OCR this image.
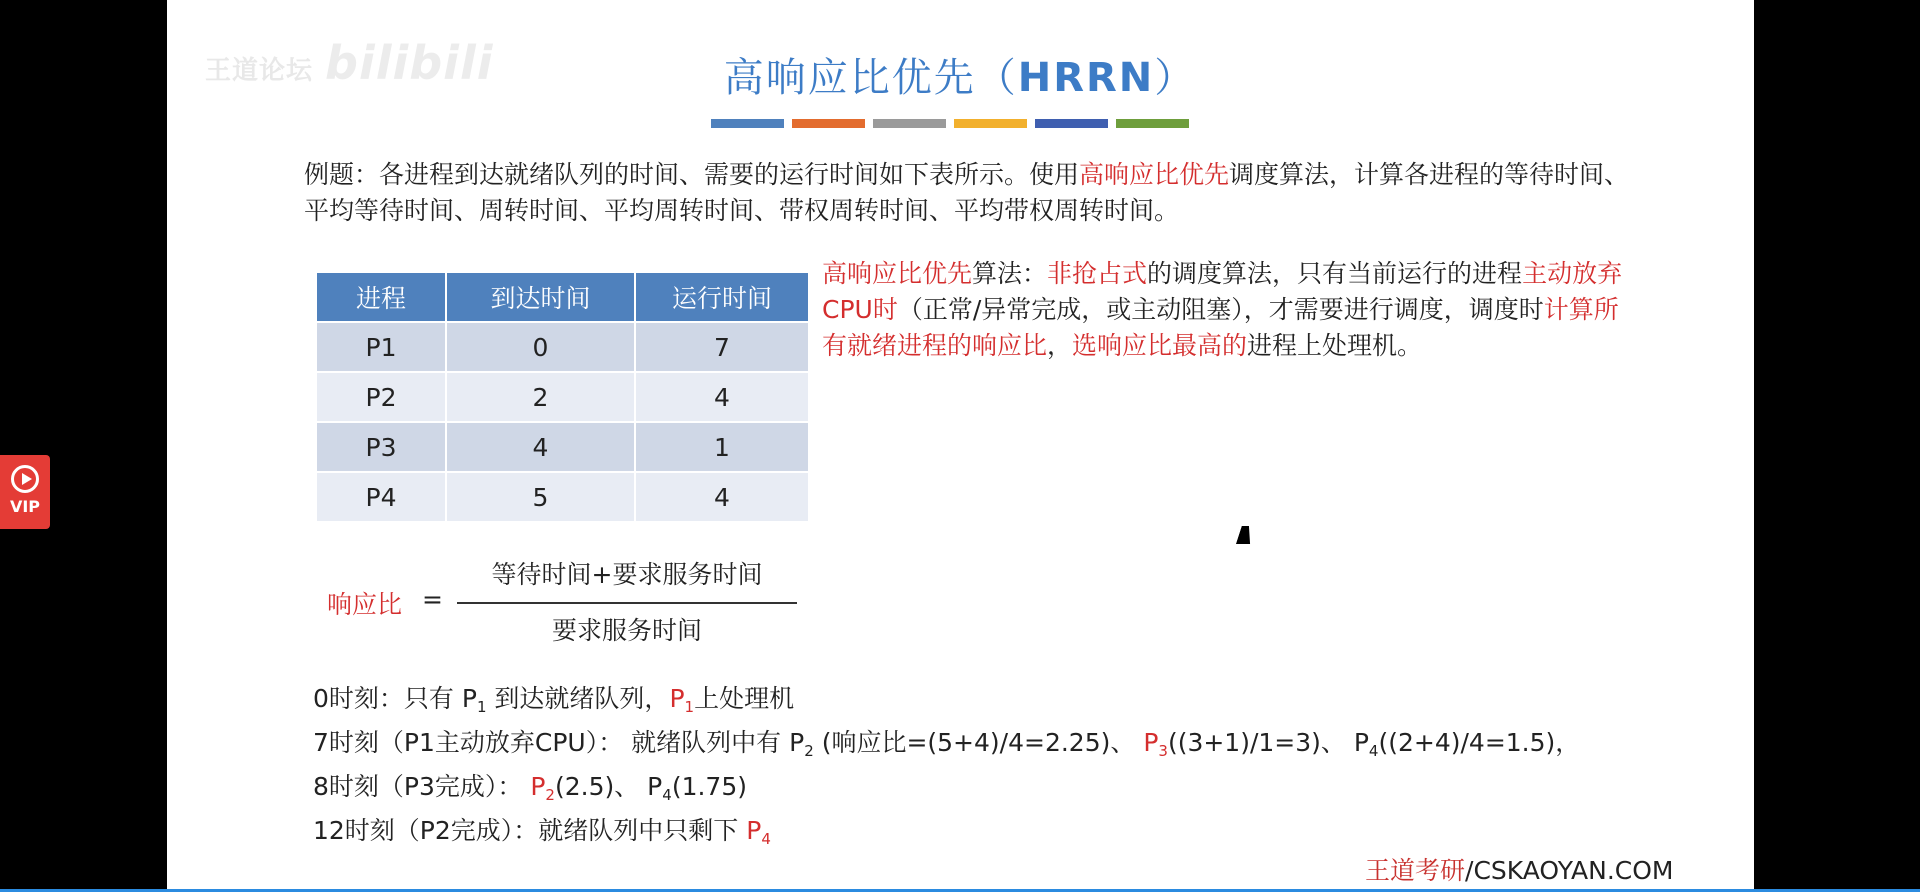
王道论坛 bilibili	高响应比优先（HRRN）
例题：各进程到达就绪队列的时间、需要的运行时间如下表所示。使用高响应比优先调度算法，计算各进程的等待时间、平均等待时间、周转时间、平均周转时间、带权周转时间、平均带权周转时间。
进程	到达时间	运行时间
P1	0	7
P2	2	4
P3	4	1
P4	5	4
高响应比优先算法：非抢占式的调度算法，只有当前运行的进程主动放弃CPU时（正常/异常完成，或主动阻塞），才需要进行调度，调度时计算所有就绪进程的响应比，选响应比最高的进程上处理机。
响应比 =
等待时间+要求服务时间
要求服务时间
0时刻：只有 $P_1$ 到达就绪队列，$P_1$上处理机
7时刻（P1主动放弃CPU）： 就绪队列中有 $P_2$ (响应比=(5+4)/4=2.25)、 $P_3((3+1)/1=3)$、 $P_4((2+4)/4=1.5)$，
8时刻（P3完成）： $P_2(2.5)$、 $P_4(1.75)$
12时刻（P2完成）：就绪队列中只剩下 $P_4$
王道考研/CSKAOYAN.COM
VIP
